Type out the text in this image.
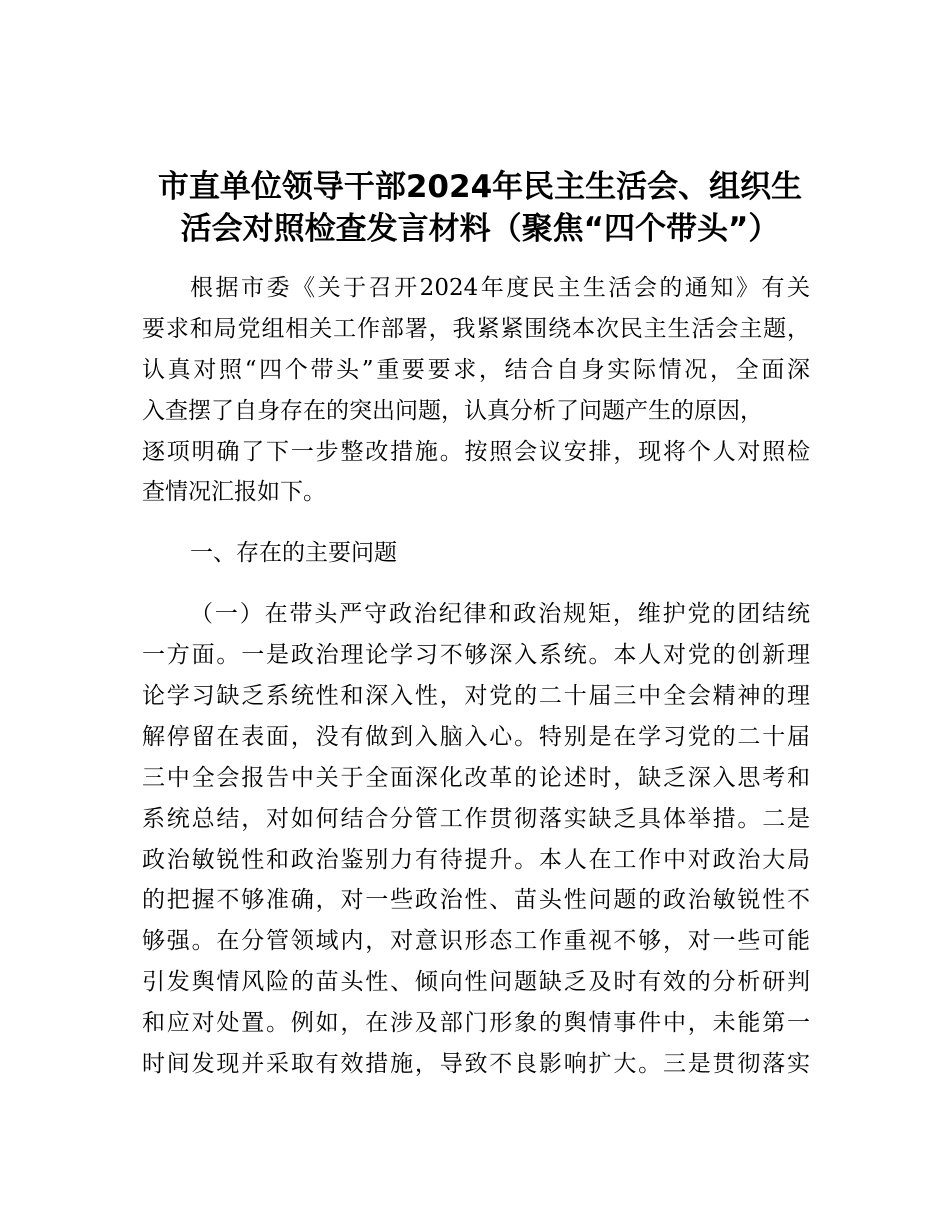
市直单位领导干部2024年民主生活会、组织生
活会对照检查发言材料（聚焦“四个带头”）
根据市委《关于召开2024年度民主生活会的通知》有关
要求和局党组相关工作部署，我紧紧围绕本次民主生活会主题，
认真对照“四个带头”重要要求，结合自身实际情况，全面深
入查摆了自身存在的突出问题，认真分析了问题产生的原因，
逐项明确了下一步整改措施。按照会议安排，现将个人对照检
查情况汇报如下。
一、存在的主要问题
（一）在带头严守政治纪律和政治规矩，维护党的团结统
一方面。一是政治理论学习不够深入系统。本人对党的创新理
论学习缺乏系统性和深入性，对党的二十届三中全会精神的理
解停留在表面，没有做到入脑入心。特别是在学习党的二十届
三中全会报告中关于全面深化改革的论述时，缺乏深入思考和
系统总结，对如何结合分管工作贯彻落实缺乏具体举措。二是
政治敏锐性和政治鉴别力有待提升。本人在工作中对政治大局
的把握不够准确，对一些政治性、苗头性问题的政治敏锐性不
够强。在分管领域内，对意识形态工作重视不够，对一些可能
引发舆情风险的苗头性、倾向性问题缺乏及时有效的分析研判
和应对处置。例如，在涉及部门形象的舆情事件中，未能第一
时间发现并采取有效措施，导致不良影响扩大。三是贯彻落实
